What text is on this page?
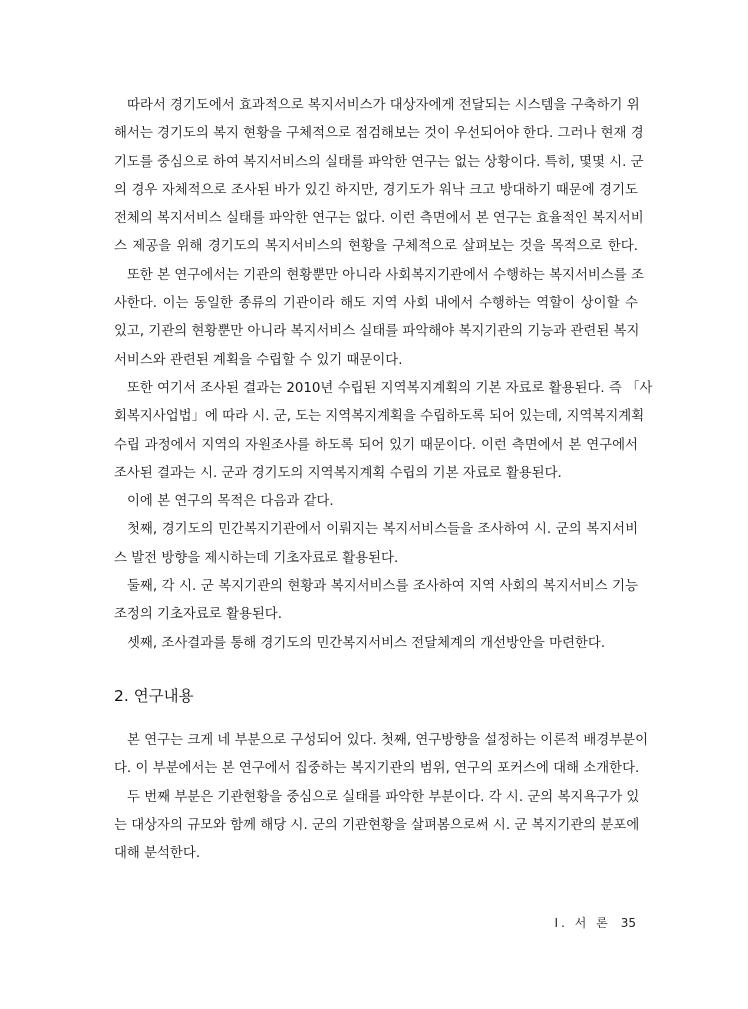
따라서 경기도에서 효과적으로 복지서비스가 대상자에게 전달되는 시스템을 구축하기 위
해서는 경기도의 복지 현황을 구체적으로 점검해보는 것이 우선되어야 한다. 그러나 현재 경
기도를 중심으로 하여 복지서비스의 실태를 파악한 연구는 없는 상황이다. 특히, 몇몇 시. 군
의 경우 자체적으로 조사된 바가 있긴 하지만, 경기도가 워낙 크고 방대하기 때문에 경기도
전체의 복지서비스 실태를 파악한 연구는 없다. 이런 측면에서 본 연구는 효율적인 복지서비
스 제공을 위해 경기도의 복지서비스의 현황을 구체적으로 살펴보는 것을 목적으로 한다.
또한 본 연구에서는 기관의 현황뿐만 아니라 사회복지기관에서 수행하는 복지서비스를 조
사한다. 이는 동일한 종류의 기관이라 해도 지역 사회 내에서 수행하는 역할이 상이할 수
있고, 기관의 현황뿐만 아니라 복지서비스 실태를 파악해야 복지기관의 기능과 관련된 복지
서비스와 관련된 계획을 수립할 수 있기 때문이다.
또한 여기서 조사된 결과는 2010년 수립된 지역복지계획의 기본 자료로 활용된다. 즉 「사
회복지사업법」에 따라 시. 군, 도는 지역복지계획을 수립하도록 되어 있는데, 지역복지계획
수립 과정에서 지역의 자원조사를 하도록 되어 있기 때문이다. 이런 측면에서 본 연구에서
조사된 결과는 시. 군과 경기도의 지역복지계획 수립의 기본 자료로 활용된다.
이에 본 연구의 목적은 다음과 같다.
첫째, 경기도의 민간복지기관에서 이뤄지는 복지서비스들을 조사하여 시. 군의 복지서비
스 발전 방향을 제시하는데 기초자료로 활용된다.
둘째, 각 시. 군 복지기관의 현황과 복지서비스를 조사하여 지역 사회의 복지서비스 기능
조정의 기초자료로 활용된다.
셋째, 조사결과를 통해 경기도의 민간복지서비스 전달체계의 개선방안을 마련한다.
2. 연구내용
본 연구는 크게 네 부분으로 구성되어 있다. 첫째, 연구방향을 설정하는 이론적 배경부분이
다. 이 부분에서는 본 연구에서 집중하는 복지기관의 범위, 연구의 포커스에 대해 소개한다.
두 번째 부분은 기관현황을 중심으로 실태를 파악한 부분이다. 각 시. 군의 복지욕구가 있
는 대상자의 규모와 함께 해당 시. 군의 기관현황을 살펴봄으로써 시. 군 복지기관의 분포에
대해 분석한다.
Ⅰ. 서 론 35
